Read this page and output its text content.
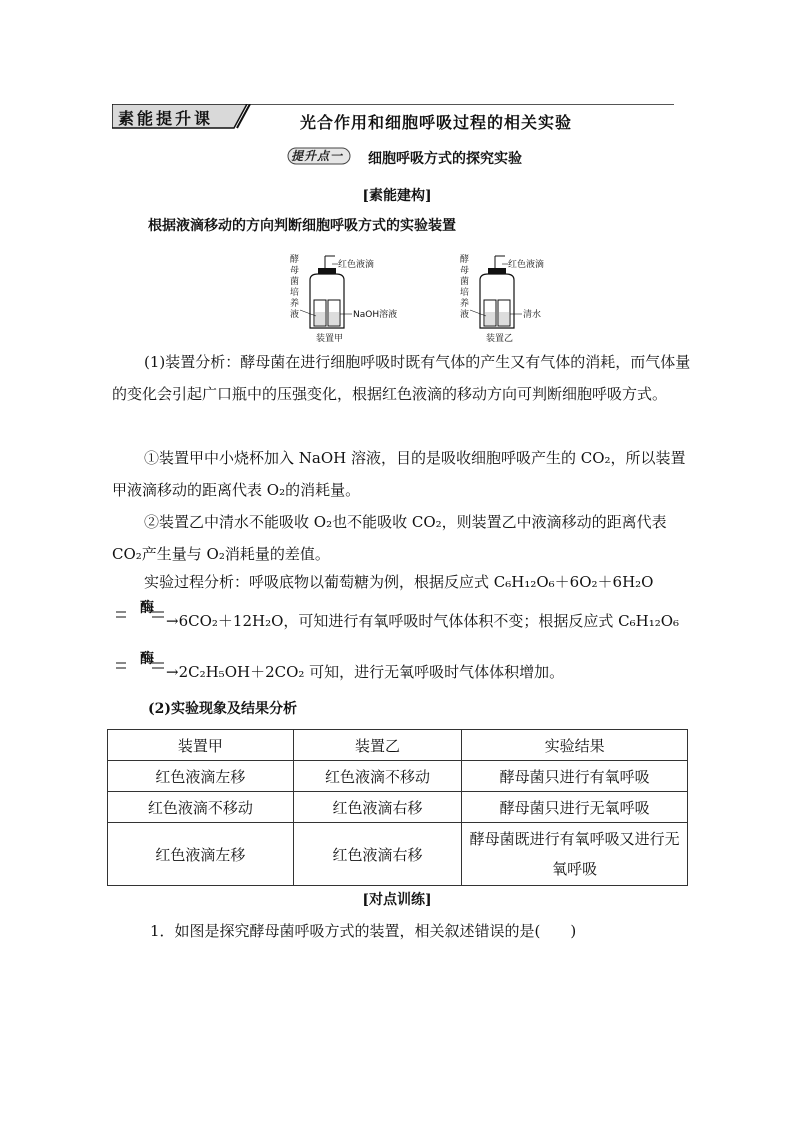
素能提升课	光合作用和细胞呼吸过程的相关实验
提升点一 细胞呼吸方式的探究实验
[素能建构]
根据液滴移动的方向判断细胞呼吸方式的实验装置
红色液滴
NaOH溶液
装置甲
酵
母
菌
培
养
液
红色液滴
清水
装置乙
酵
母
菌
培
养
液
(1)装置分析：酵母菌在进行细胞呼吸时既有气体的产生又有气体的消耗，而气体量的变化会引起广口瓶中的压强变化，根据红色液滴的移动方向可判断细胞呼吸方式。
①装置甲中小烧杯加入 NaOH 溶液，目的是吸收细胞呼吸产生的 CO₂，所以装置甲液滴移动的距离代表 O₂的消耗量。
②装置乙中清水不能吸收 O₂也不能吸收 CO₂，则装置乙中液滴移动的距离代表 CO₂产生量与 O₂消耗量的差值。
实验过程分析：呼吸底物以葡萄糖为例，根据反应式 C₆H₁₂O₆＋6O₂＋6H₂O
酶
→6CO₂＋12H₂O，可知进行有氧呼吸时气体体积不变；根据反应式 C₆H₁₂O₆
酶
→2C₂H₅OH＋2CO₂ 可知，进行无氧呼吸时气体体积增加。
(2)实验现象及结果分析
装置甲	装置乙	实验结果
红色液滴左移	红色液滴不移动	酵母菌只进行有氧呼吸
红色液滴不移动	红色液滴右移	酵母菌只进行无氧呼吸
红色液滴左移	红色液滴右移	酵母菌既进行有氧呼吸又进行无氧呼吸
[对点训练]
1．如图是探究酵母菌呼吸方式的装置，相关叙述错误的是(　　)
